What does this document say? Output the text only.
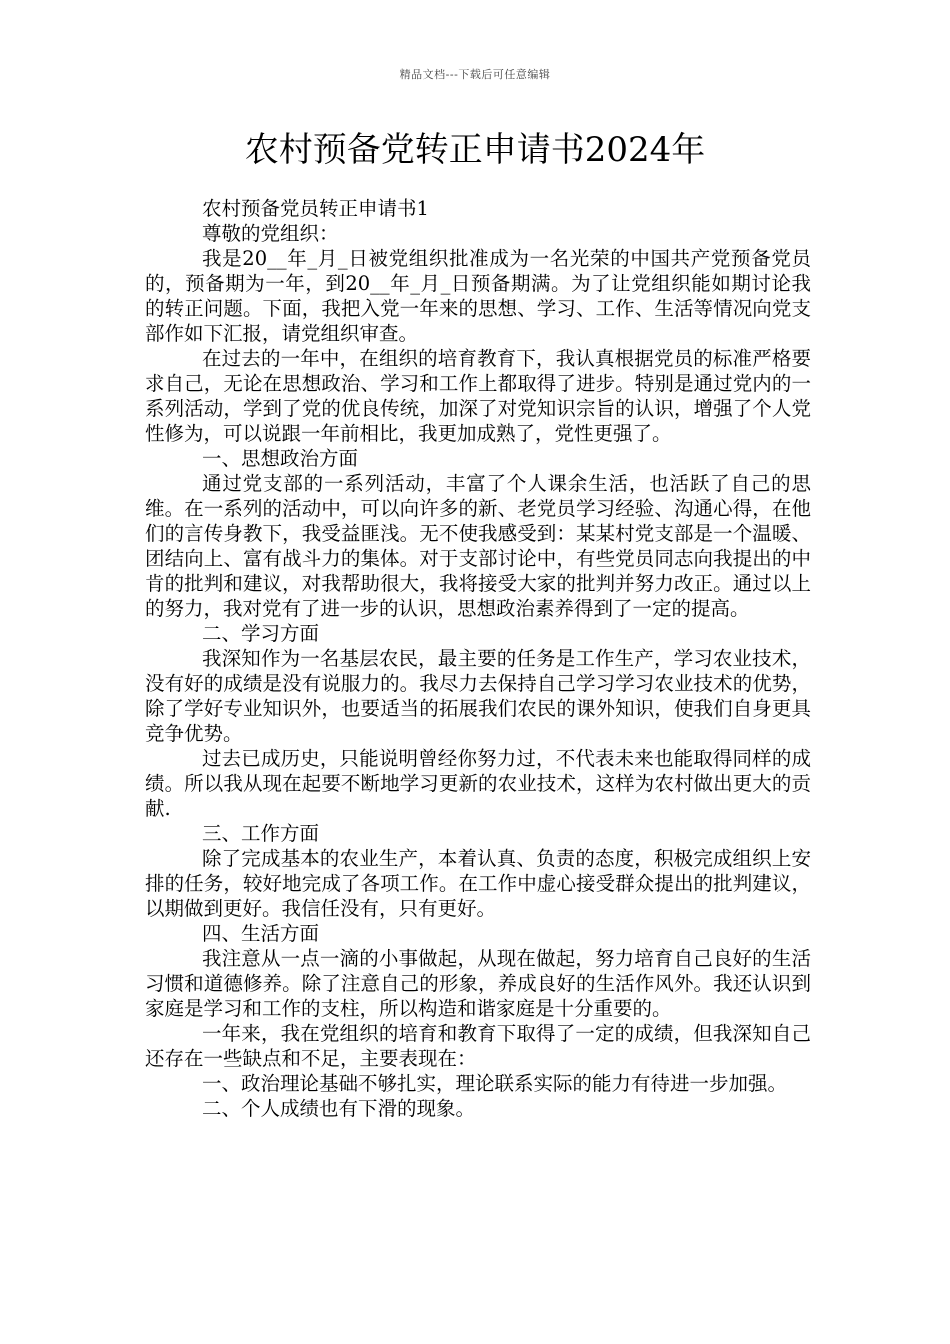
精品文档---下载后可任意编辑
农村预备党转正申请书2024年

农村预备党员转正申请书1

尊敬的党组织：

我是20__年_月_日被党组织批准成为一名光荣的中国共产党预备党员的，预备期为一年，到20__年_月_日预备期满。为了让党组织能如期讨论我的转正问题。下面，我把入党一年来的思想、学习、工作、生活等情况向党支部作如下汇报，请党组织审查。

在过去的一年中，在组织的培育教育下，我认真根据党员的标准严格要求自己，无论在思想政治、学习和工作上都取得了进步。特别是通过党内的一系列活动，学到了党的优良传统，加深了对党知识宗旨的认识，增强了个人党性修为，可以说跟一年前相比，我更加成熟了，党性更强了。

一、思想政治方面

通过党支部的一系列活动，丰富了个人课余生活，也活跃了自己的思维。在一系列的活动中，可以向许多的新、老党员学习经验、沟通心得，在他们的言传身教下，我受益匪浅。无不使我感受到：某某村党支部是一个温暖、团结向上、富有战斗力的集体。对于支部讨论中，有些党员同志向我提出的中肯的批判和建议，对我帮助很大，我将接受大家的批判并努力改正。通过以上的努力，我对党有了进一步的认识，思想政治素养得到了一定的提高。

二、学习方面

我深知作为一名基层农民，最主要的任务是工作生产，学习农业技术，没有好的成绩是没有说服力的。我尽力去保持自己学习学习农业技术的优势，除了学好专业知识外，也要适当的拓展我们农民的课外知识，使我们自身更具竞争优势。

过去已成历史，只能说明曾经你努力过，不代表未来也能取得同样的成绩。所以我从现在起要不断地学习更新的农业技术，这样为农村做出更大的贡献.

三、工作方面

除了完成基本的农业生产，本着认真、负责的态度，积极完成组织上安排的任务，较好地完成了各项工作。在工作中虚心接受群众提出的批判建议，以期做到更好。我信任没有，只有更好。

四、生活方面

我注意从一点一滴的小事做起，从现在做起，努力培育自己良好的生活习惯和道德修养。除了注意自己的形象，养成良好的生活作风外。我还认识到家庭是学习和工作的支柱，所以构造和谐家庭是十分重要的。

一年来，我在党组织的培育和教育下取得了一定的成绩，但我深知自己还存在一些缺点和不足，主要表现在：

一、政治理论基础不够扎实，理论联系实际的能力有待进一步加强。

二、个人成绩也有下滑的现象。
